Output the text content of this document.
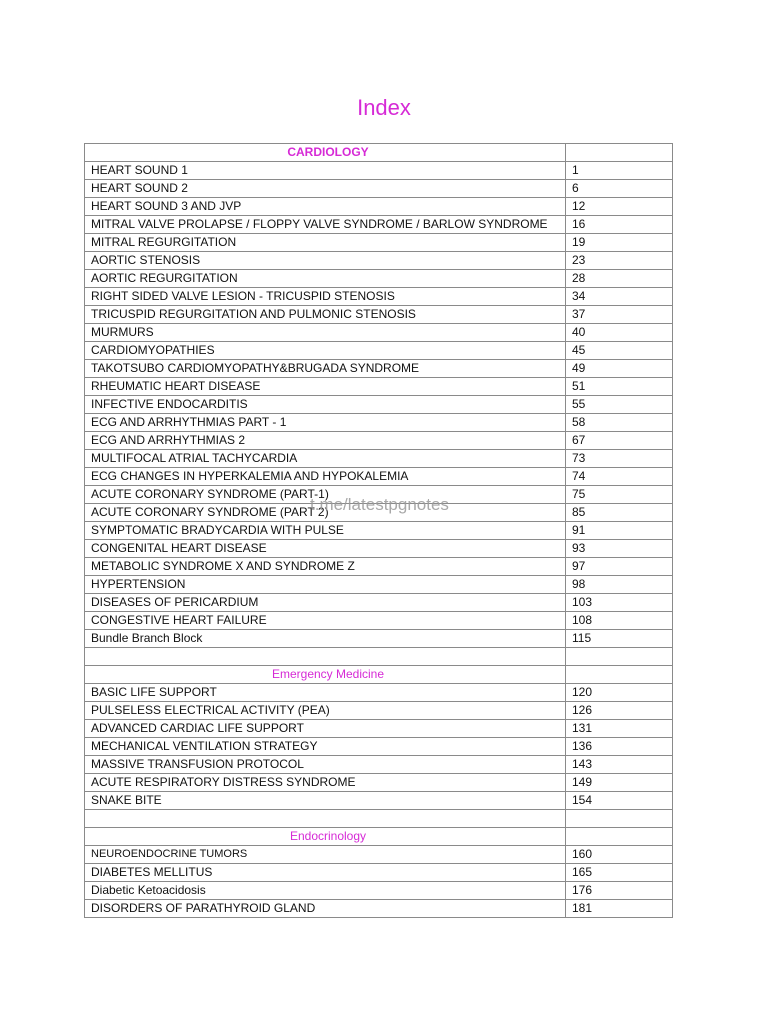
Index
CARDIOLOGY	
HEART SOUND 1	1
HEART SOUND 2	6
HEART SOUND 3 AND JVP	12
MITRAL VALVE PROLAPSE / FLOPPY VALVE SYNDROME / BARLOW SYNDROME	16
MITRAL REGURGITATION	19
AORTIC STENOSIS	23
AORTIC REGURGITATION	28
RIGHT SIDED VALVE LESION - TRICUSPID STENOSIS	34
TRICUSPID REGURGITATION AND PULMONIC STENOSIS	37
MURMURS	40
CARDIOMYOPATHIES	45
TAKOTSUBO CARDIOMYOPATHY&BRUGADA SYNDROME	49
RHEUMATIC HEART DISEASE	51
INFECTIVE ENDOCARDITIS	55
ECG AND ARRHYTHMIAS PART - 1	58
ECG AND ARRHYTHMIAS 2	67
MULTIFOCAL ATRIAL TACHYCARDIA	73
ECG CHANGES IN HYPERKALEMIA AND HYPOKALEMIA	74
ACUTE CORONARY SYNDROME (PART-1)	75
ACUTE CORONARY SYNDROME (PART 2)	85
SYMPTOMATIC BRADYCARDIA WITH PULSE	91
CONGENITAL HEART DISEASE	93
METABOLIC SYNDROME X AND SYNDROME Z	97
HYPERTENSION	98
DISEASES OF PERICARDIUM	103
CONGESTIVE HEART FAILURE	108
Bundle Branch Block	115

Emergency Medicine	
BASIC LIFE SUPPORT	120
PULSELESS ELECTRICAL ACTIVITY (PEA)	126
ADVANCED CARDIAC LIFE SUPPORT	131
MECHANICAL VENTILATION STRATEGY	136
MASSIVE TRANSFUSION PROTOCOL	143
ACUTE RESPIRATORY DISTRESS SYNDROME	149
SNAKE BITE	154

Endocrinology	
NEUROENDOCRINE TUMORS	160
DIABETES MELLITUS	165
Diabetic Ketoacidosis	176
DISORDERS OF PARATHYROID GLAND	181
t.me/latestpgnotes
